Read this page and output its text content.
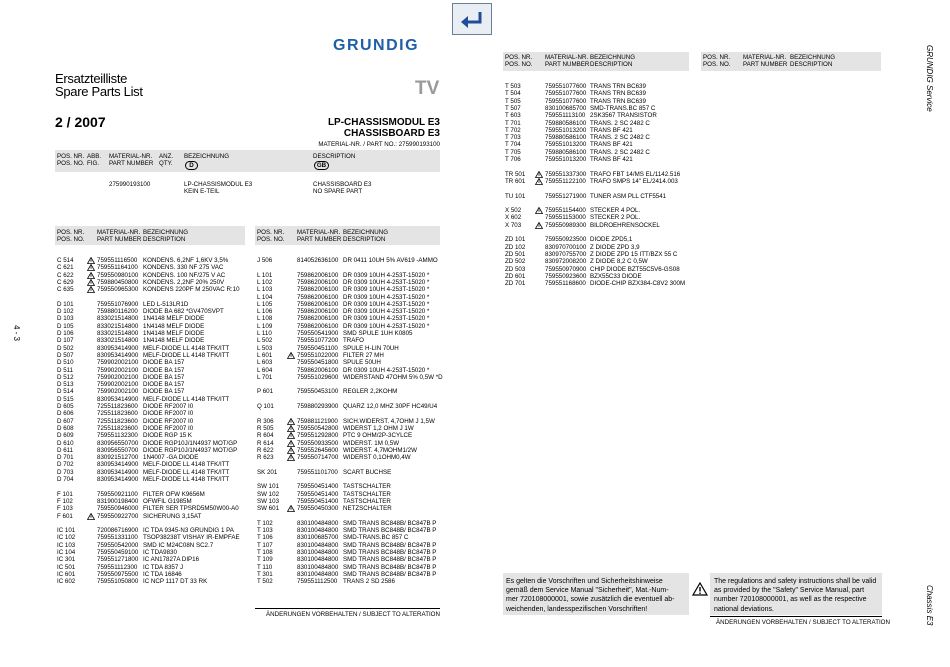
GRUNDIG
Ersatzteilliste
Spare Parts List	TV
2 / 2007	LP-CHASSISMODUL E3
CHASSISBOARD E3
MATERIAL-NR. / PART NO.: 275990193100
POS. NR.
POS. NO.
ABB.
FIG.
MATERIAL-NR.
PART NUMBER
ANZ.
QTY.
BEZEICHNUNG
D
DESCRIPTION
GB
275990193100	LP-CHASSISMODUL E3
KEIN E-TEIL
CHASSISBOARD E3
NO SPARE PART
POS. NR.
POS. NO.
MATERIAL-NR.
PART NUMBER
BEZEICHNUNG
DESCRIPTION
POS. NR.
POS. NO.
MATERIAL-NR.
PART NUMBER
BEZEICHNUNG
DESCRIPTION
POS. NR.
POS. NO.
MATERIAL-NR.
PART NUMBER
BEZEICHNUNG
DESCRIPTION
POS. NR.
POS. NO.
MATERIAL-NR.
PART NUMBER
BEZEICHNUNG
DESCRIPTION
C 514	759551116500 KONDENS. 6,2NF 1,6KV 3,5%
C 621	759551164100 KONDENS. 330 NF 275 VAC
C 622	759550980100 KONDENS. 100 NF/275 V AC
C 629	759880450800 KONDENS. 2,2NF 20% 250V
C 635	759550965300 KONDENS 220PF M 250VAC R:10
D 101	759551076900 LED L-513LR1D
D 102	759880116200 DIODE BA 682 *GV470SVPT
D 103	833021514800 1N4148 MELF DIODE
D 105	833021514800 1N4148 MELF DIODE
D 106	833021514800 1N4148 MELF DIODE
D 107	833021514800 1N4148 MELF DIODE
D 502	830953414900 MELF-DIODE LL 4148 TFK/ITT
D 507	830953414900 MELF-DIODE LL 4148 TFK/ITT
D 510	759902002100 DIODE BA 157
D 511	759902002100 DIODE BA 157
D 512	759902002100 DIODE BA 157
D 513	759902002100 DIODE BA 157
D 514	759902002100 DIODE BA 157
D 515	830953414900 MELF-DIODE LL 4148 TFK/ITT
D 605	725511823600 DIODE RF2007 I0
D 606	725511823600 DIODE RF2007 I0
D 607	725511823600 DIODE RF2007 I0
D 608	725511823600 DIODE RF2007 I0
D 609	759551132300 DIODE RGP 15 K
D 610	830956550700 DIODE RGP10J/1N4937 MOT/GP
D 611	830956550700 DIODE RGP10J/1N4937 MOT/GP
D 701	830921512700 1N4007 -GA DIODE
D 702	830953414900 MELF-DIODE LL 4148 TFK/ITT
D 703	830953414900 MELF-DIODE LL 4148 TFK/ITT
D 704	830953414900 MELF-DIODE LL 4148 TFK/ITT
F 101	759550921100 FILTER OFW K9656M
F 102	831900198400 OFWFIL G1985M
F 103	759550946000 FILTER SER TPSRD5M50W00-A0
F 601	759550922700 SICHERUNG 3,15AT
IC 101	720086716900 IC TDA 9345-N3 GRUNDIG 1 PA
IC 102	759551331100 TSOP38238T VISHAY IR-EMPFAE
IC 103	759550542000 SMD IC M24C08N SC2.7
IC 104	759550459100 IC TDA9830
IC 301	759551271800 IC AN17827A DIP16
IC 501	759551112300 IC TDA 8357 J
IC 601	759550975500 IC TDA 16846
IC 602	759551050800 IC NCP 1117 DT 33 RK
J 506	814052636100 DR 0411 10UH 5% AV619 -AMMO
L 101	759862006100 DR 0309 10UH 4-253T-15020 *
L 102	759862006100 DR 0309 10UH 4-253T-15020 *
L 103	759862006100 DR 0309 10UH 4-253T-15020 *
L 104	759862006100 DR 0309 10UH 4-253T-15020 *
L 105	759862006100 DR 0309 10UH 4-253T-15020 *
L 106	759862006100 DR 0309 10UH 4-253T-15020 *
L 108	759862006100 DR 0309 10UH 4-253T-15020 *
L 109	759862006100 DR 0309 10UH 4-253T-15020 *
L 110	759550541900 SMD SPULE 1UH K0805
L 502	759551077200 TRAFO
L 503	759550451100 SPULE H-LIN 70UH
L 601	759551022000 FILTER 27 MH
L 603	759550451800 SPULE 50UH
L 604	759862006100 DR 0309 10UH 4-253T-15020 *
L 701	759551029600 WIDERSTAND 47OHM 5% 0,5W *D
P 601	759550453100 REGLER 2,2KOHM
Q 101	759880293900 QUARZ 12,0 MHZ 30PF HC49/U4
R 306	759881121900 SICH.WIDERST. 4,7OHM J 1,5W
R 505	759550542800 WIDERST 1,2 OHM J 1W
R 604	759551292800 PTC 9 OHM/2P-3CYLCE
R 614	759550933500 WIDERST. 1M 0,5W
R 622	759552645600 WIDERST. 4,7MOHM1/2W
R 623	759550714700 WIDERST 0,1OHM0,4W
SK 201	759551101700 SCART BUCHSE
SW 101	759550451400 TASTSCHALTER
SW 102	759550451400 TASTSCHALTER
SW 103	759550451400 TASTSCHALTER
SW 601	759550450300 NETZSCHALTER
T 102	830100484800 SMD TRANS BC848B/ BC847B P
T 103	830100484800 SMD TRANS BC848B/ BC847B P
T 106	830100685700 SMD-TRANS.BC 857 C
T 107	830100484800 SMD TRANS BC848B/ BC847B P
T 108	830100484800 SMD TRANS BC848B/ BC847B P
T 109	830100484800 SMD TRANS BC848B/ BC847B P
T 110	830100484800 SMD TRANS BC848B/ BC847B P
T 301	830100484800 SMD TRANS BC848B/ BC847B P
T 502	759551112500 TRANS 2 SD 2586
T 503	759551077600 TRANS TRN BC639
T 504	759551077600 TRANS TRN BC639
T 505	759551077600 TRANS TRN BC639
T 507	830100685700 SMD-TRANS.BC 857 C
T 603	759551113100 2SK3567 TRANSISTOR
T 701	759880586100 TRANS. 2 SC 2482 C
T 702	759551013200 TRANS BF 421
T 703	759880586100 TRANS. 2 SC 2482 C
T 704	759551013200 TRANS BF 421
T 705	759880586100 TRANS. 2 SC 2482 C
T 706	759551013200 TRANS BF 421
TR 501	759551337300 TRAFO FBT 14/MS EL/1142.516
TR 601	759551122100 TRAFO SMPS 14" EL/2414.003
TU 101	759551271900 TUNER ASM PLL CTF5541
X 502	759551154400 STECKER 4 POL.
X 602	759551153000 STECKER 2 POL.
X 703	759550989300 BILDROEHRENSOCKEL
ZD 101	759550923500 DIODE ZPD5,1
ZD 102	830970700100 Z DIODE ZPD 3,9
ZD 501	830970755700 Z DIODE ZPD 15 ITT/BZX 55 C
ZD 502	830972008200 Z DIODE 8,2 C 0,5W
ZD 503	759550970900 CHIP DIODE BZT55C5V6-GS08
ZD 601	759550923600 BZX55C33 DIODE
ZD 701	759551168600 DIODE-CHIP BZX384-C8V2 300M
ÄNDERUNGEN VORBEHALTEN / SUBJECT TO ALTERATION
Es gelten die Vorschriften und Sicherheitshinweise
gemäß dem Service Manual "Sicherheit", Mat.-Num-
mer 720108000001, sowie zusätzlich die eventuell ab-
weichenden, landesspezifischen Vorschriften!
The regulations and safety instructions shall be valid
as provided by the "Safety" Service Manual, part
number 720108000001, as well as the respective
national deviations.
ÄNDERUNGEN VORBEHALTEN / SUBJECT TO ALTERATION
GRUNDIG Service
Chassis E3
4 - 3
